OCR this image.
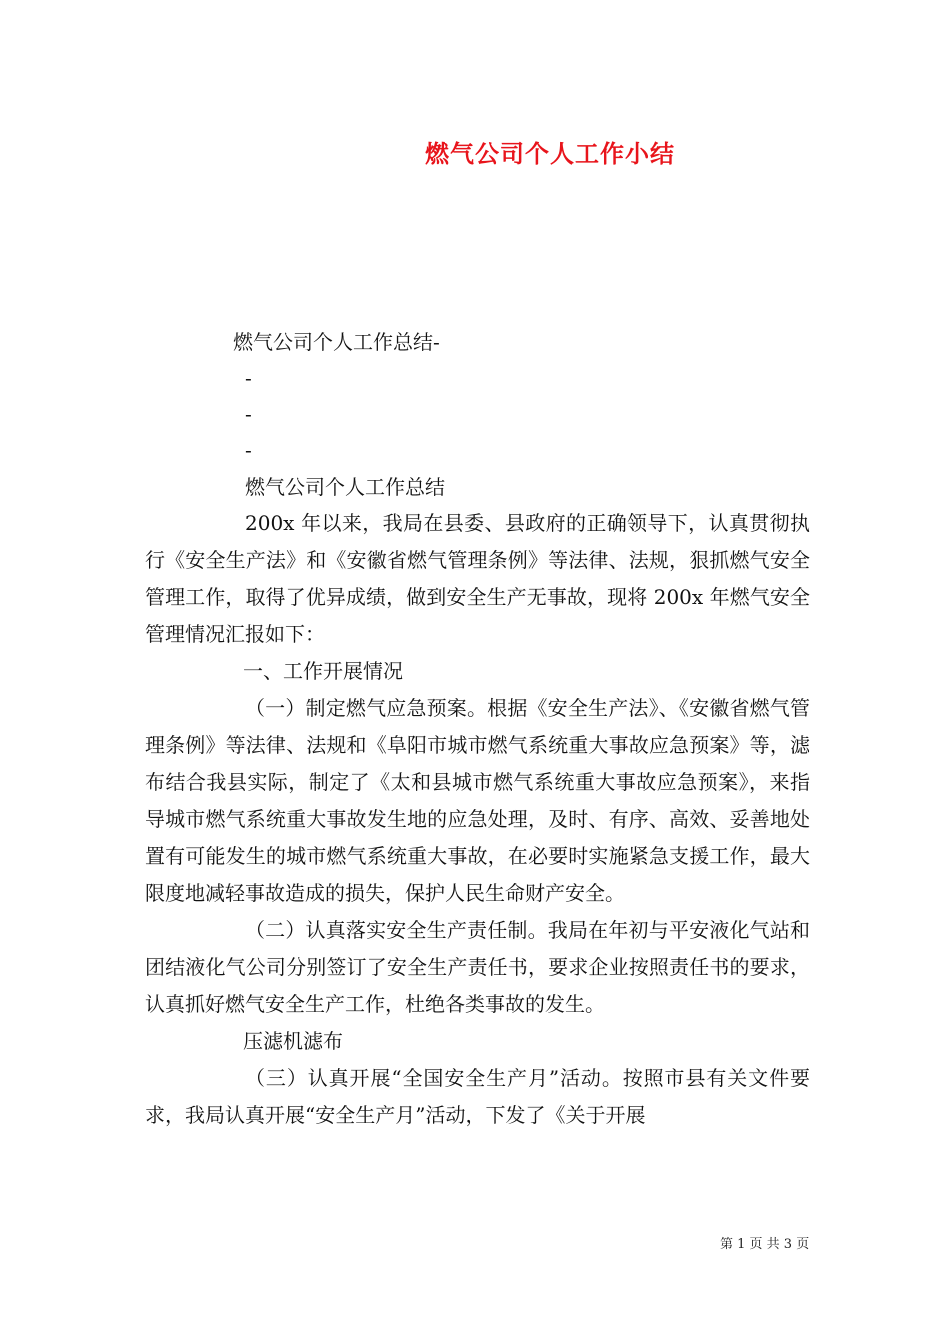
燃气公司个人工作小结
燃气公司个人工作总结-
-
-
-
燃气公司个人工作总结

200x 年以来，我局在县委、县政府的正确领导下，认真贯彻执行《安全生产法》和《安徽省燃气管理条例》等法律、法规，狠抓燃气安全管理工作，取得了优异成绩，做到安全生产无事故，现将 200x 年燃气安全管理情况汇报如下：

一、工作开展情况

（一）制定燃气应急预案。根据《安全生产法》、《安徽省燃气管理条例》等法律、法规和《阜阳市城市燃气系统重大事故应急预案》等，滤布结合我县实际，制定了《太和县城市燃气系统重大事故应急预案》，来指导城市燃气系统重大事故发生地的应急处理，及时、有序、高效、妥善地处置有可能发生的城市燃气系统重大事故，在必要时实施紧急支援工作，最大限度地减轻事故造成的损失，保护人民生命财产安全。

（二）认真落实安全生产责任制。我局在年初与平安液化气站和团结液化气公司分别签订了安全生产责任书，要求企业按照责任书的要求，认真抓好燃气安全生产工作，杜绝各类事故的发生。

压滤机滤布

（三）认真开展“全国安全生产月”活动。按照市县有关文件要求，我局认真开展“安全生产月”活动，下发了《关于开展

第 1 页 共 3 页
